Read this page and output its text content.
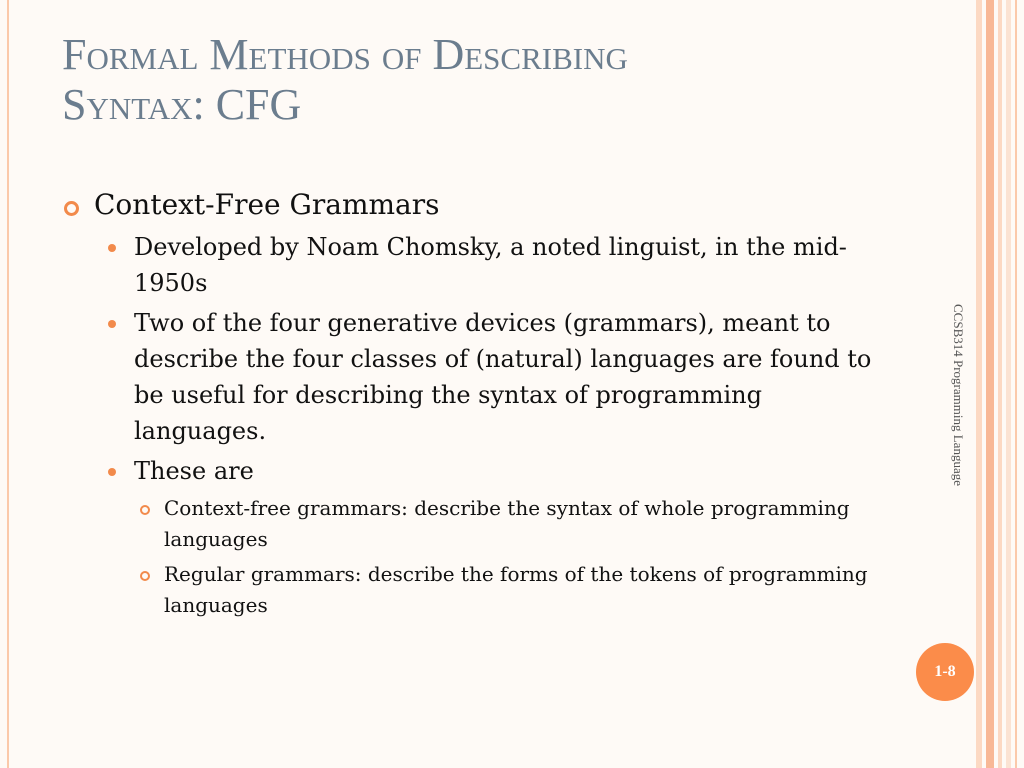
Formal Methods of Describing
Syntax: CFG
Context-Free Grammars
Developed by Noam Chomsky, a noted linguist, in the mid-1950s
Two of the four generative devices (grammars), meant to describe the four classes of (natural) languages are found to be useful for describing the syntax of programming languages.
These are
Context-free grammars: describe the syntax of whole programming languages
Regular grammars: describe the forms of the tokens of programming languages
CCSB314 Programming Language
1-8
